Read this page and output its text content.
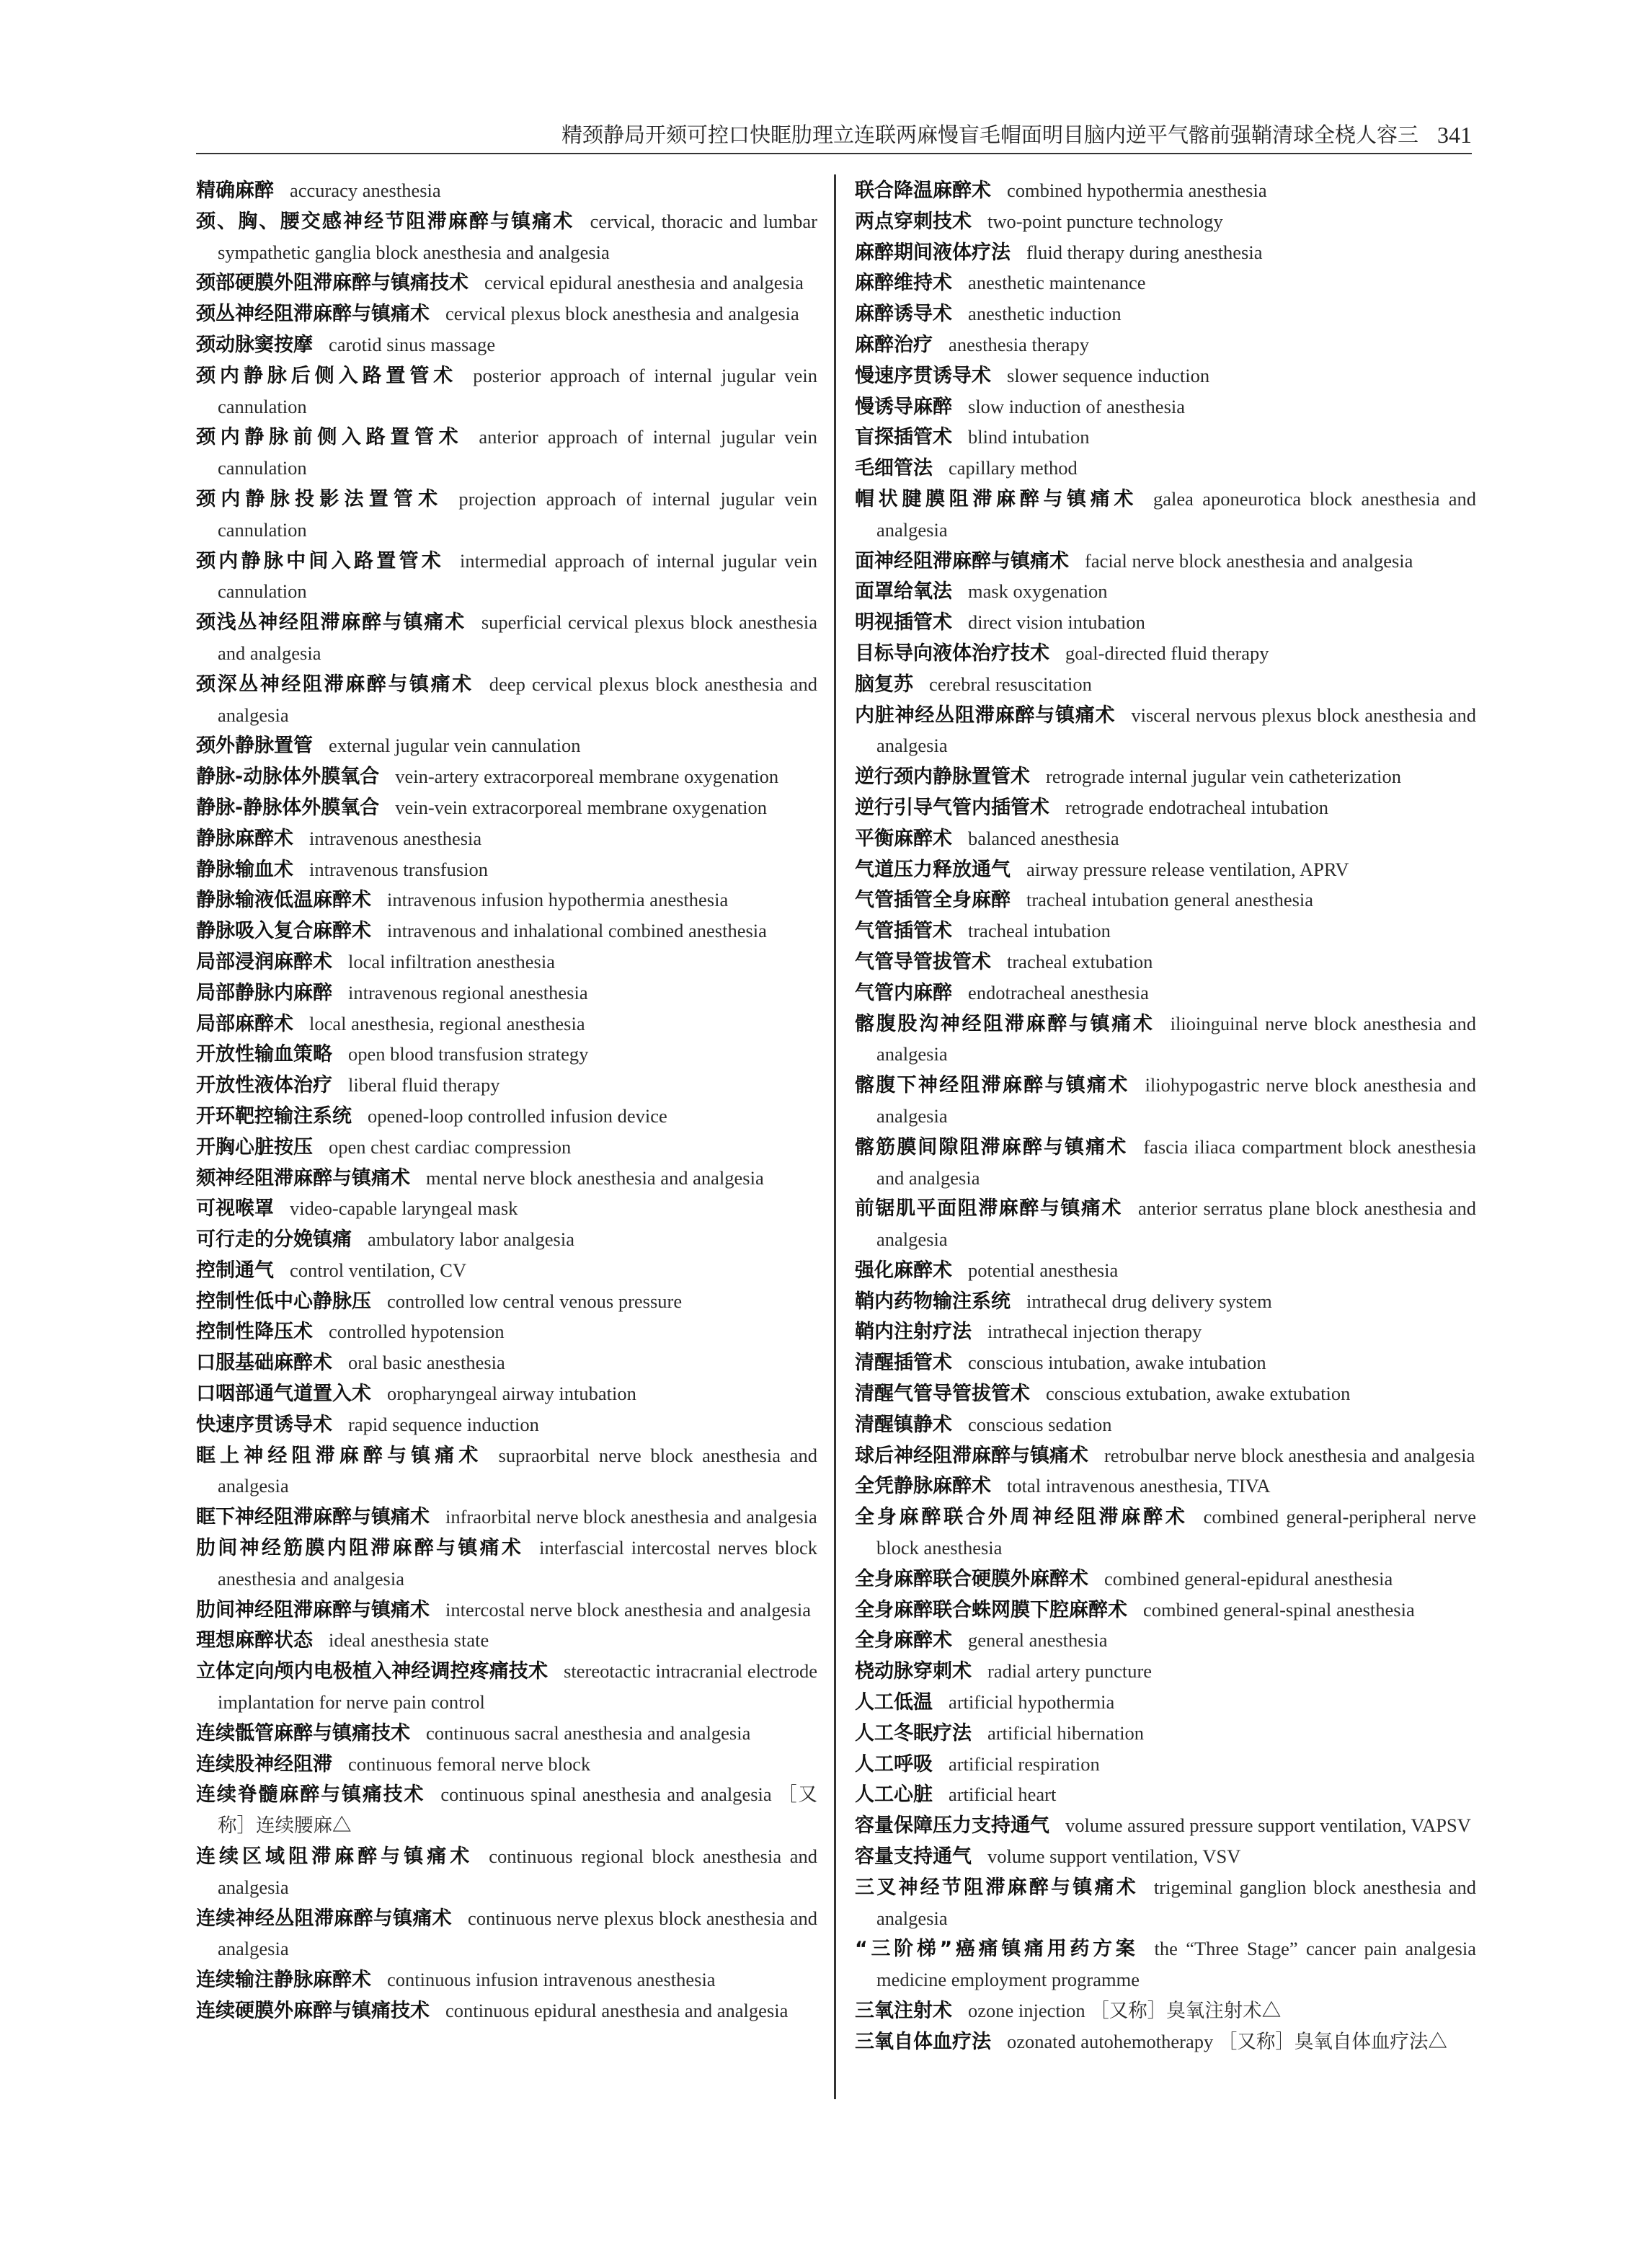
精颈静局开颏可控口快眶肋理立连联两麻慢盲毛帽面明目脑内逆平气髂前强鞘清球全桡人容三 341
精确麻醉 accuracy anesthesia
颈、胸、腰交感神经节阻滞麻醉与镇痛术 cervical, thoracic and lumbar sympathetic ganglia block anesthesia and analgesia
颈部硬膜外阻滞麻醉与镇痛技术 cervical epidural anesthesia and analgesia
颈丛神经阻滞麻醉与镇痛术 cervical plexus block anesthesia and analgesia
颈动脉窦按摩 carotid sinus massage
颈内静脉后侧入路置管术 posterior approach of internal jugular vein cannulation
颈内静脉前侧入路置管术 anterior approach of internal jugular vein cannulation
颈内静脉投影法置管术 projection approach of internal jugular vein cannulation
颈内静脉中间入路置管术 intermedial approach of internal jugular vein cannulation
颈浅丛神经阻滞麻醉与镇痛术 superficial cervical plexus block anesthesia and analgesia
颈深丛神经阻滞麻醉与镇痛术 deep cervical plexus block anesthesia and analgesia
颈外静脉置管 external jugular vein cannulation
静脉-动脉体外膜氧合 vein-artery extracorporeal membrane oxygenation
静脉-静脉体外膜氧合 vein-vein extracorporeal membrane oxygenation
静脉麻醉术 intravenous anesthesia
静脉输血术 intravenous transfusion
静脉输液低温麻醉术 intravenous infusion hypothermia anesthesia
静脉吸入复合麻醉术 intravenous and inhalational combined anesthesia
局部浸润麻醉术 local infiltration anesthesia
局部静脉内麻醉 intravenous regional anesthesia
局部麻醉术 local anesthesia, regional anesthesia
开放性输血策略 open blood transfusion strategy
开放性液体治疗 liberal fluid therapy
开环靶控输注系统 opened-loop controlled infusion device
开胸心脏按压 open chest cardiac compression
颏神经阻滞麻醉与镇痛术 mental nerve block anesthesia and analgesia
可视喉罩 video-capable laryngeal mask
可行走的分娩镇痛 ambulatory labor analgesia
控制通气 control ventilation, CV
控制性低中心静脉压 controlled low central venous pressure
控制性降压术 controlled hypotension
口服基础麻醉术 oral basic anesthesia
口咽部通气道置入术 oropharyngeal airway intubation
快速序贯诱导术 rapid sequence induction
眶上神经阻滞麻醉与镇痛术 supraorbital nerve block anesthesia and analgesia
眶下神经阻滞麻醉与镇痛术 infraorbital nerve block anesthesia and analgesia
肋间神经筋膜内阻滞麻醉与镇痛术 interfascial intercostal nerves block anesthesia and analgesia
肋间神经阻滞麻醉与镇痛术 intercostal nerve block anesthesia and analgesia
理想麻醉状态 ideal anesthesia state
立体定向颅内电极植入神经调控疼痛技术 stereotactic intracranial electrode implantation for nerve pain control
连续骶管麻醉与镇痛技术 continuous sacral anesthesia and analgesia
连续股神经阻滞 continuous femoral nerve block
连续脊髓麻醉与镇痛技术 continuous spinal anesthesia and analgesia ［又称］连续腰麻△
连续区域阻滞麻醉与镇痛术 continuous regional block anesthesia and analgesia
连续神经丛阻滞麻醉与镇痛术 continuous nerve plexus block anesthesia and analgesia
连续输注静脉麻醉术 continuous infusion intravenous anesthesia
连续硬膜外麻醉与镇痛技术 continuous epidural anesthesia and analgesia
联合降温麻醉术 combined hypothermia anesthesia
两点穿刺技术 two-point puncture technology
麻醉期间液体疗法 fluid therapy during anesthesia
麻醉维持术 anesthetic maintenance
麻醉诱导术 anesthetic induction
麻醉治疗 anesthesia therapy
慢速序贯诱导术 slower sequence induction
慢诱导麻醉 slow induction of anesthesia
盲探插管术 blind intubation
毛细管法 capillary method
帽状腱膜阻滞麻醉与镇痛术 galea aponeurotica block anesthesia and analgesia
面神经阻滞麻醉与镇痛术 facial nerve block anesthesia and analgesia
面罩给氧法 mask oxygenation
明视插管术 direct vision intubation
目标导向液体治疗技术 goal-directed fluid therapy
脑复苏 cerebral resuscitation
内脏神经丛阻滞麻醉与镇痛术 visceral nervous plexus block anesthesia and analgesia
逆行颈内静脉置管术 retrograde internal jugular vein catheterization
逆行引导气管内插管术 retrograde endotracheal intubation
平衡麻醉术 balanced anesthesia
气道压力释放通气 airway pressure release ventilation, APRV
气管插管全身麻醉 tracheal intubation general anesthesia
气管插管术 tracheal intubation
气管导管拔管术 tracheal extubation
气管内麻醉 endotracheal anesthesia
髂腹股沟神经阻滞麻醉与镇痛术 ilioinguinal nerve block anesthesia and analgesia
髂腹下神经阻滞麻醉与镇痛术 iliohypogastric nerve block anesthesia and analgesia
髂筋膜间隙阻滞麻醉与镇痛术 fascia iliaca compartment block anesthesia and analgesia
前锯肌平面阻滞麻醉与镇痛术 anterior serratus plane block anesthesia and analgesia
强化麻醉术 potential anesthesia
鞘内药物输注系统 intrathecal drug delivery system
鞘内注射疗法 intrathecal injection therapy
清醒插管术 conscious intubation, awake intubation
清醒气管导管拔管术 conscious extubation, awake extubation
清醒镇静术 conscious sedation
球后神经阻滞麻醉与镇痛术 retrobulbar nerve block anesthesia and analgesia
全凭静脉麻醉术 total intravenous anesthesia, TIVA
全身麻醉联合外周神经阻滞麻醉术 combined general-peripheral nerve block anesthesia
全身麻醉联合硬膜外麻醉术 combined general-epidural anesthesia
全身麻醉联合蛛网膜下腔麻醉术 combined general-spinal anesthesia
全身麻醉术 general anesthesia
桡动脉穿刺术 radial artery puncture
人工低温 artificial hypothermia
人工冬眠疗法 artificial hibernation
人工呼吸 artificial respiration
人工心脏 artificial heart
容量保障压力支持通气 volume assured pressure support ventilation, VAPSV
容量支持通气 volume support ventilation, VSV
三叉神经节阻滞麻醉与镇痛术 trigeminal ganglion block anesthesia and analgesia
“三阶梯”癌痛镇痛用药方案 the “Three Stage” cancer pain analgesia medicine employment programme
三氧注射术 ozone injection ［又称］臭氧注射术△
三氧自体血疗法 ozonated autohemotherapy ［又称］臭氧自体血疗法△
